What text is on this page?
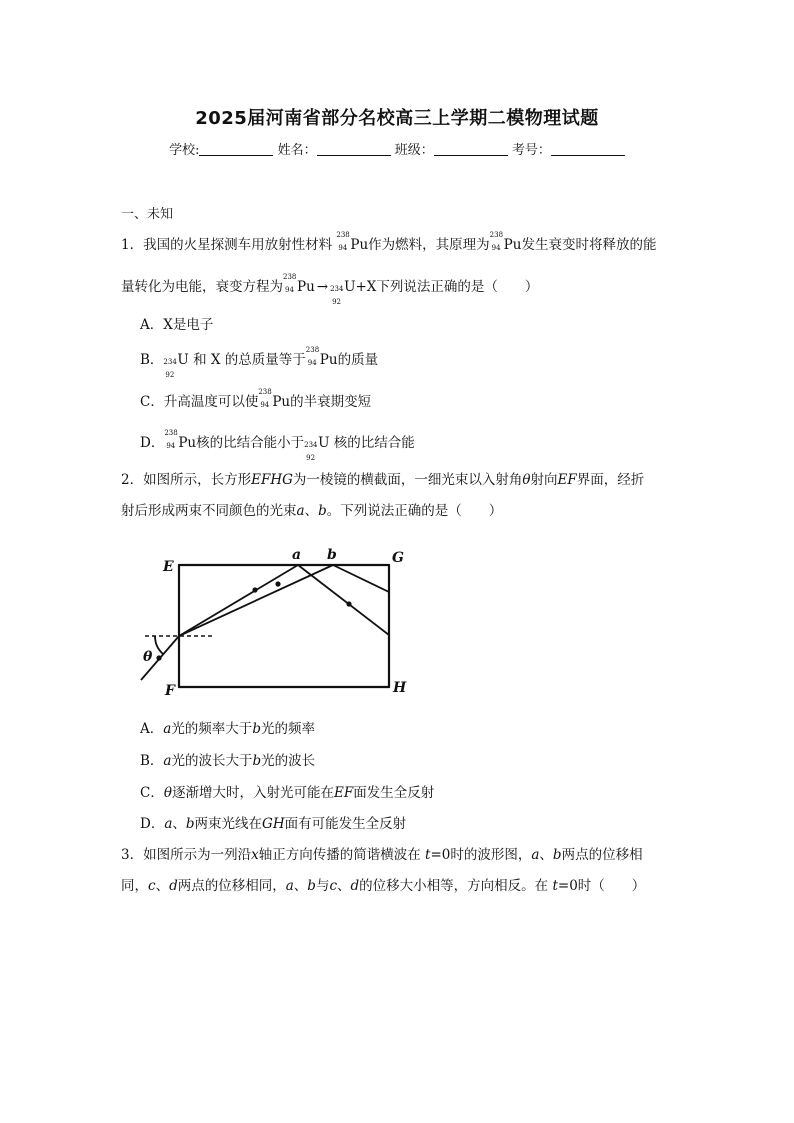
2025届河南省部分名校高三上学期二模物理试题
学校:	姓名：	班级：	考号：
一、未知
1．我国的火星探测车用放射性材料
238
94 Pu作为燃料，其原理为
238
94 Pu发生衰变时将释放的能
量转化为电能，衰变方程为
238
94 Pu → 234
92
U+X下列说法正确的是（　　）
A．X是电子
B． 234
92
U 和 X 的总质量等于
238
94 Pu的质量
C．升高温度可以使
238
94 Pu的半衰期变短
D．
238
94 Pu核的比结合能小于 234
92
U 核的比结合能
2．如图所示，长方形EFHG为一棱镜的横截面，一细光束以入射角θ射向EF界面，经折
射后形成两束不同颜色的光束a、b。下列说法正确的是（　　）
E
F
G
H
a b
θ
A．a光的频率大于b光的频率
B．a光的波长大于b光的波长
C．θ逐渐增大时，入射光可能在EF面发生全反射
D．a、b两束光线在GH面有可能发生全反射
3．如图所示为一列沿x轴正方向传播的简谐横波在 t=0时的波形图，a、b两点的位移相
同，c、d两点的位移相同，a、b与c、d的位移大小相等，方向相反。在 t=0时（　　）
